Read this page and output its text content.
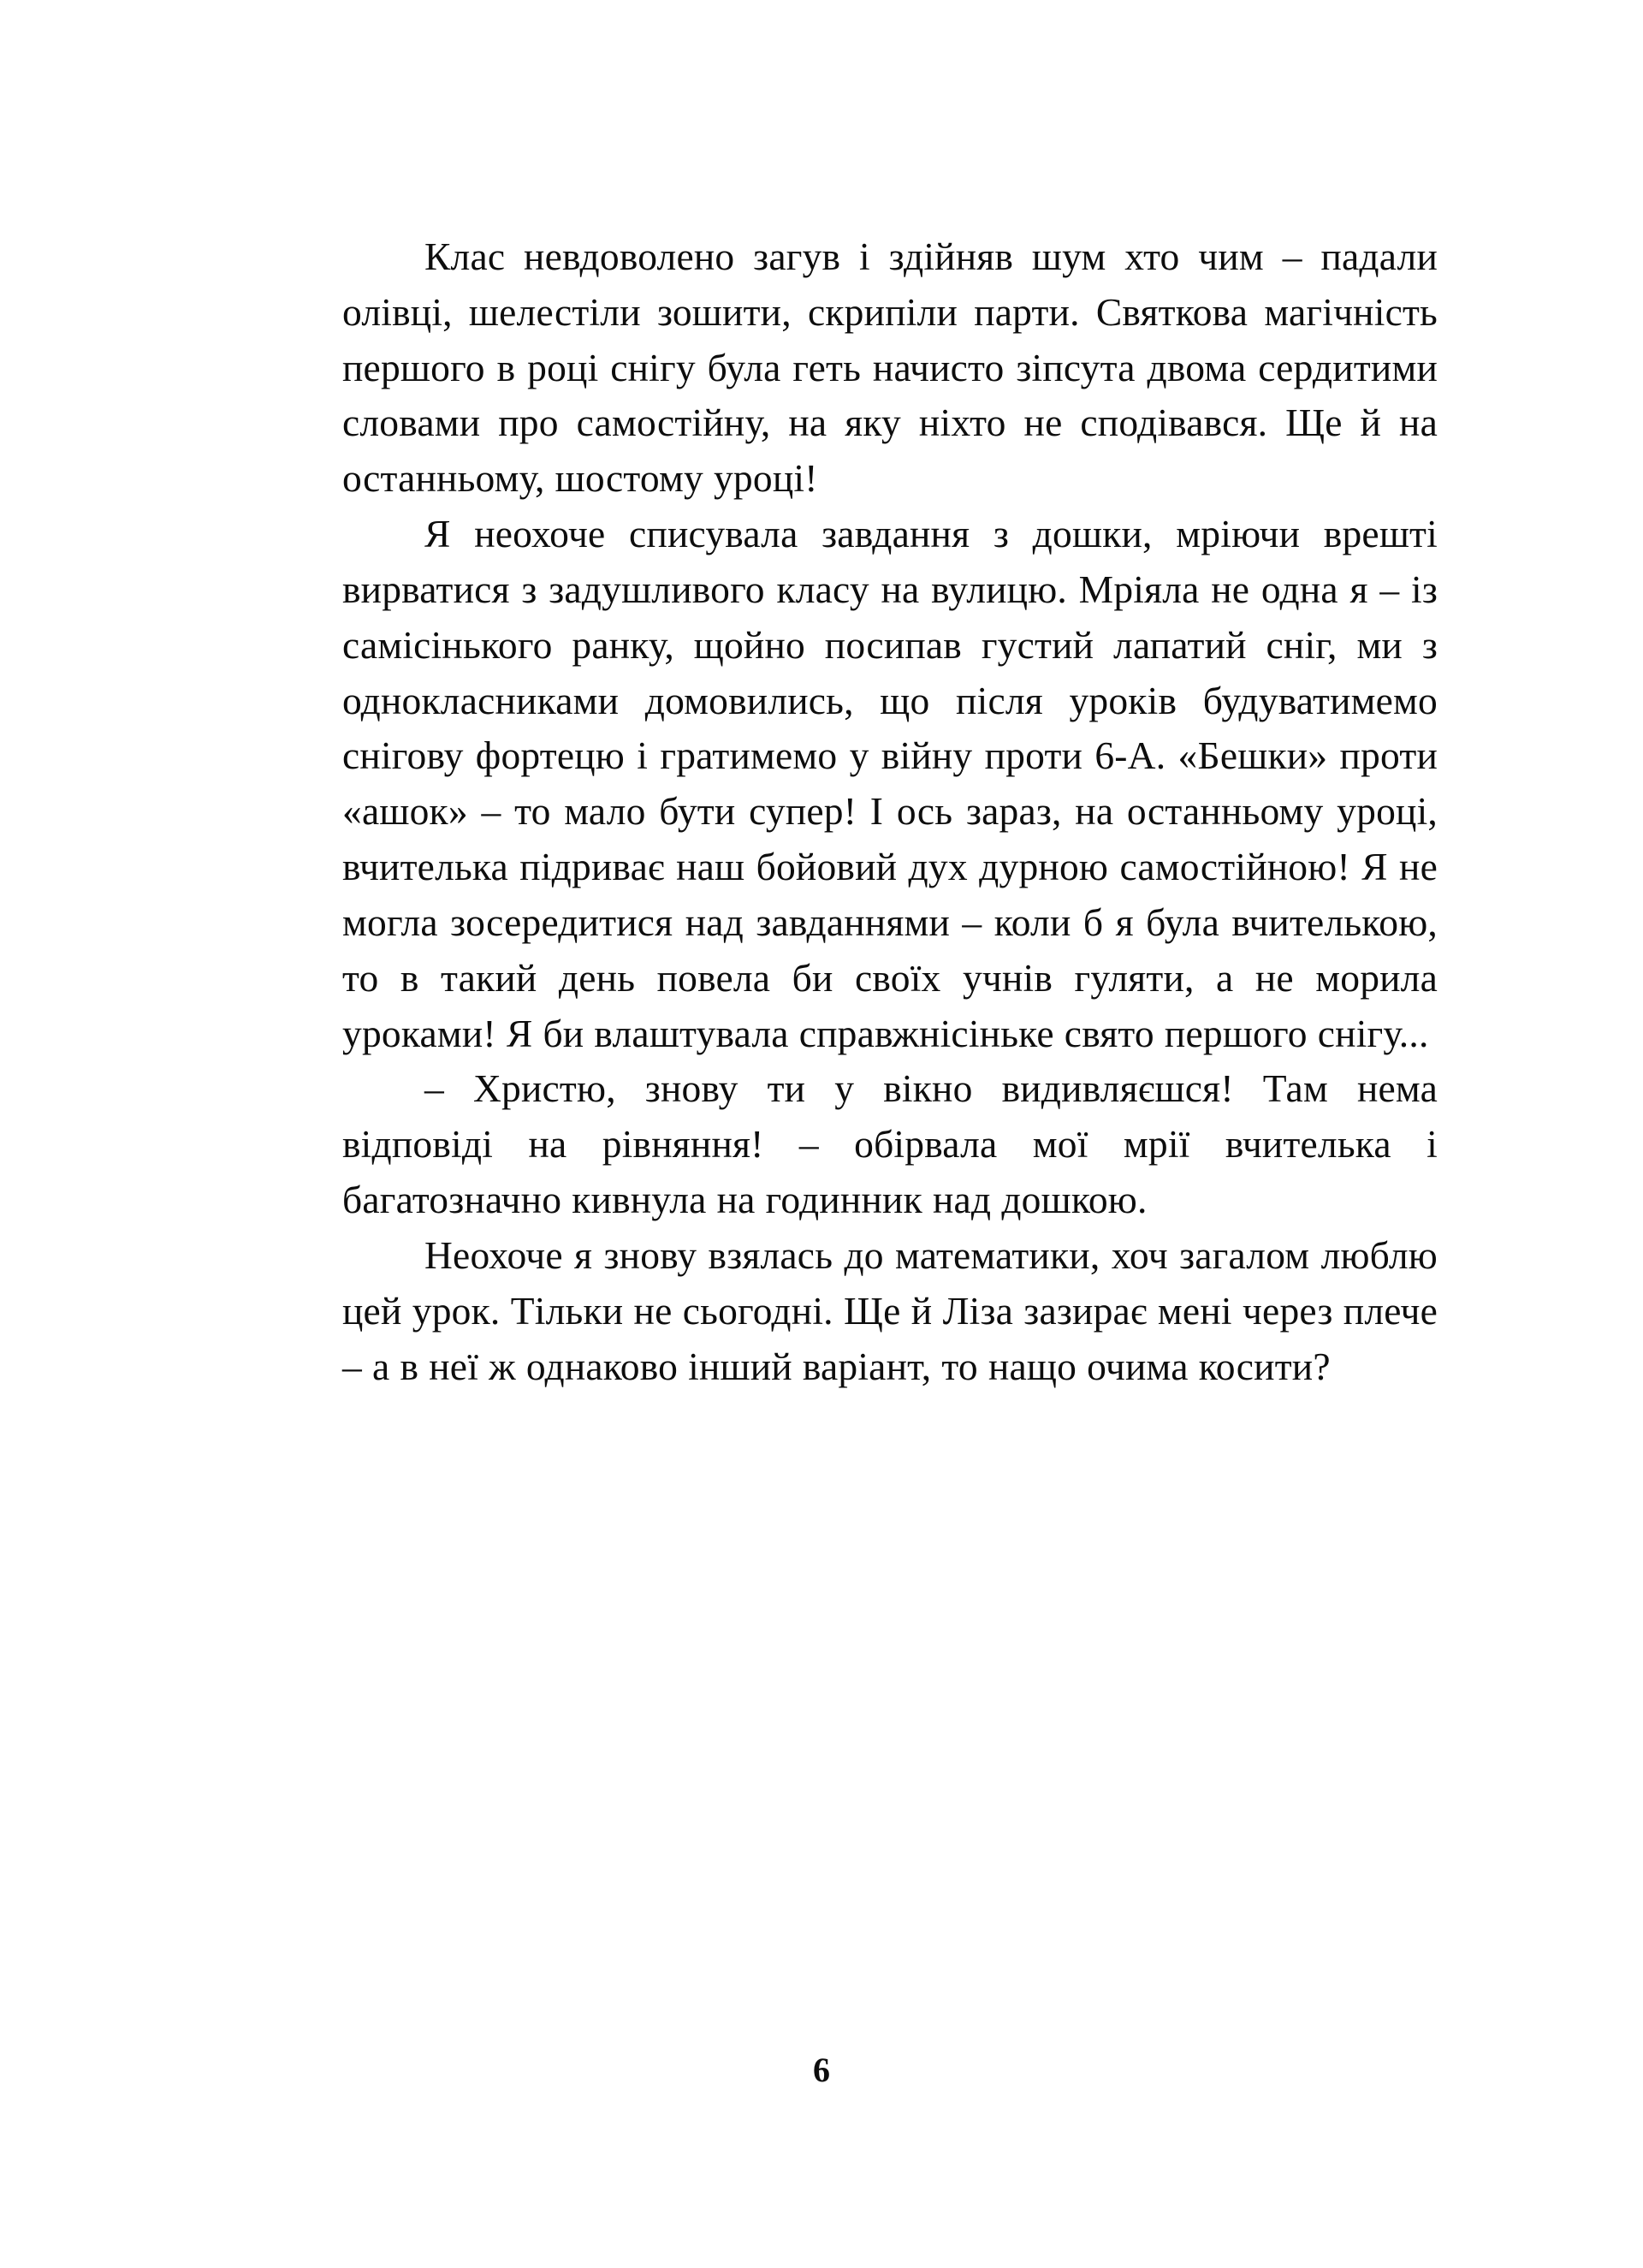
Клас невдоволено загув і здійняв шум хто чим – падали олівці, шелестіли зошити, скрипіли парти. Святкова магічність першого в році снігу була геть начисто зіпсута двома сердитими словами про самостійну, на яку ніхто не сподівався. Ще й на останньому, шостому уроці!

Я неохоче списувала завдання з дошки, мріючи врешті вирватися з задушливого класу на вулицю. Мріяла не одна я – із самісінького ранку, щойно посипав густий лапатий сніг, ми з однокласниками домовились, що після уроків будуватимемо снігову фортецю і гратимемо у війну проти 6-А. «Бешки» проти «ашок» – то мало бути супер! І ось зараз, на останньому уроці, вчителька підриває наш бойовий дух дурною самостійною! Я не могла зосередитися над завданнями – коли б я була вчителькою, то в такий день повела би своїх учнів гуляти, а не морила уроками! Я би влаштувала справжнісіньке свято першого снігу...

– Христю, знову ти у вікно видивляєшся! Там нема відповіді на рівняння! – обірвала мої мрії вчителька і багатозначно кивнула на годинник над дошкою.

Неохоче я знову взялась до математики, хоч загалом люблю цей урок. Тільки не сьогодні. Ще й Ліза зазирає мені через плече – а в неї ж однаково інший варіант, то нащо очима косити?

6
